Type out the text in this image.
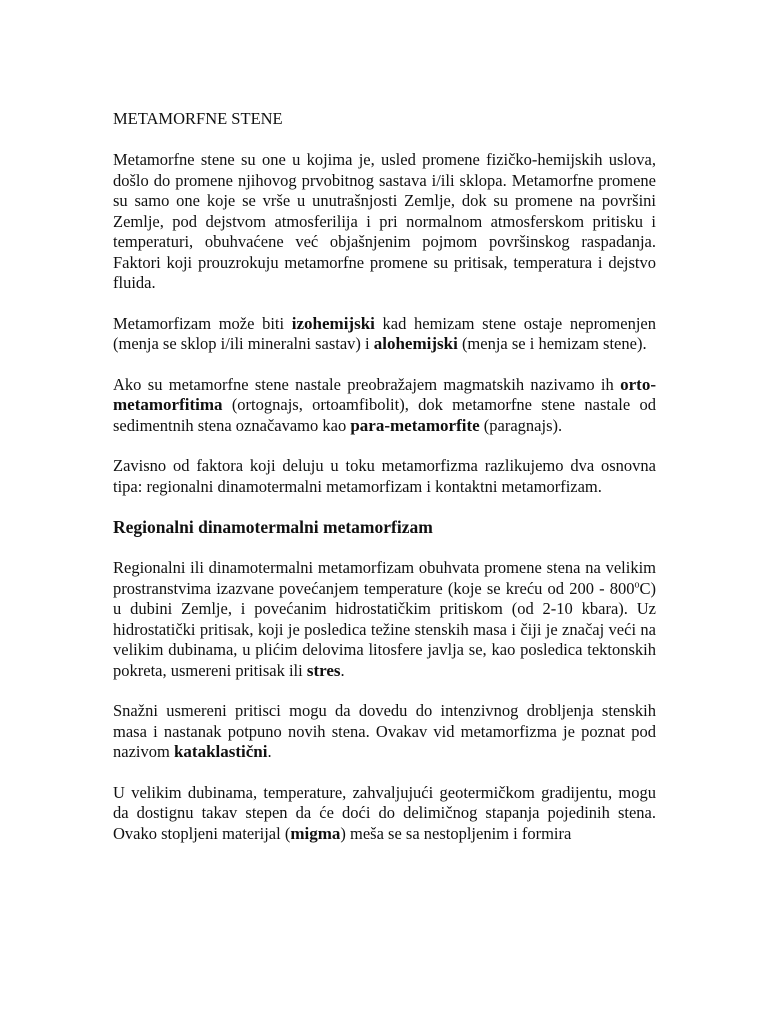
METAMORFNE STENE

Metamorfne stene su one u kojima je, usled promene fizičko-hemijskih uslova, došlo do promene njihovog prvobitnog sastava i/ili sklopa. Metamorfne promene su samo one koje se vrše u unutrašnjosti Zemlje, dok su promene na površini Zemlje, pod dejstvom atmosferilija i pri normalnom atmosferskom pritisku i temperaturi, obuhvaćene već objašnjenim pojmom površinskog raspadanja. Faktori koji prouzrokuju metamorfne promene su pritisak, temperatura i dejstvo fluida.

Metamorfizam može biti izohemijski kad hemizam stene ostaje nepromenjen (menja se sklop i/ili mineralni sastav) i alohemijski (menja se i hemizam stene).

Ako su metamorfne stene nastale preobražajem magmatskih nazivamo ih orto-metamorfitima (ortognajs, ortoamfibolit), dok metamorfne stene nastale od sedimentnih stena označavamo kao para-metamorfite (paragnajs).

Zavisno od faktora koji deluju u toku metamorfizma razlikujemo dva osnovna tipa: regionalni dinamotermalni metamorfizam i kontaktni metamorfizam.

Regionalni dinamotermalni metamorfizam

Regionalni ili dinamotermalni metamorfizam obuhvata promene stena na velikim prostranstvima izazvane povećanjem temperature (koje se kreću od 200 - 800$^o$C) u dubini Zemlje, i povećanim hidrostatičkim pritiskom (od 2-10 kbara). Uz hidrostatički pritisak, koji je posledica težine stenskih masa i čiji je značaj veći na velikim dubinama, u plićim delovima litosfere javlja se, kao posledica tektonskih pokreta, usmereni pritisak ili stres.

Snažni usmereni pritisci mogu da dovedu do intenzivnog drobljenja stenskih masa i nastanak potpuno novih stena. Ovakav vid metamorfizma je poznat pod nazivom kataklastični.

U velikim dubinama, temperature, zahvaljujući geotermičkom gradijentu, mogu da dostignu takav stepen da će doći do delimičnog stapanja pojedinih stena. Ovako stopljeni materijal (migma) meša se sa nestopljenim i formira
